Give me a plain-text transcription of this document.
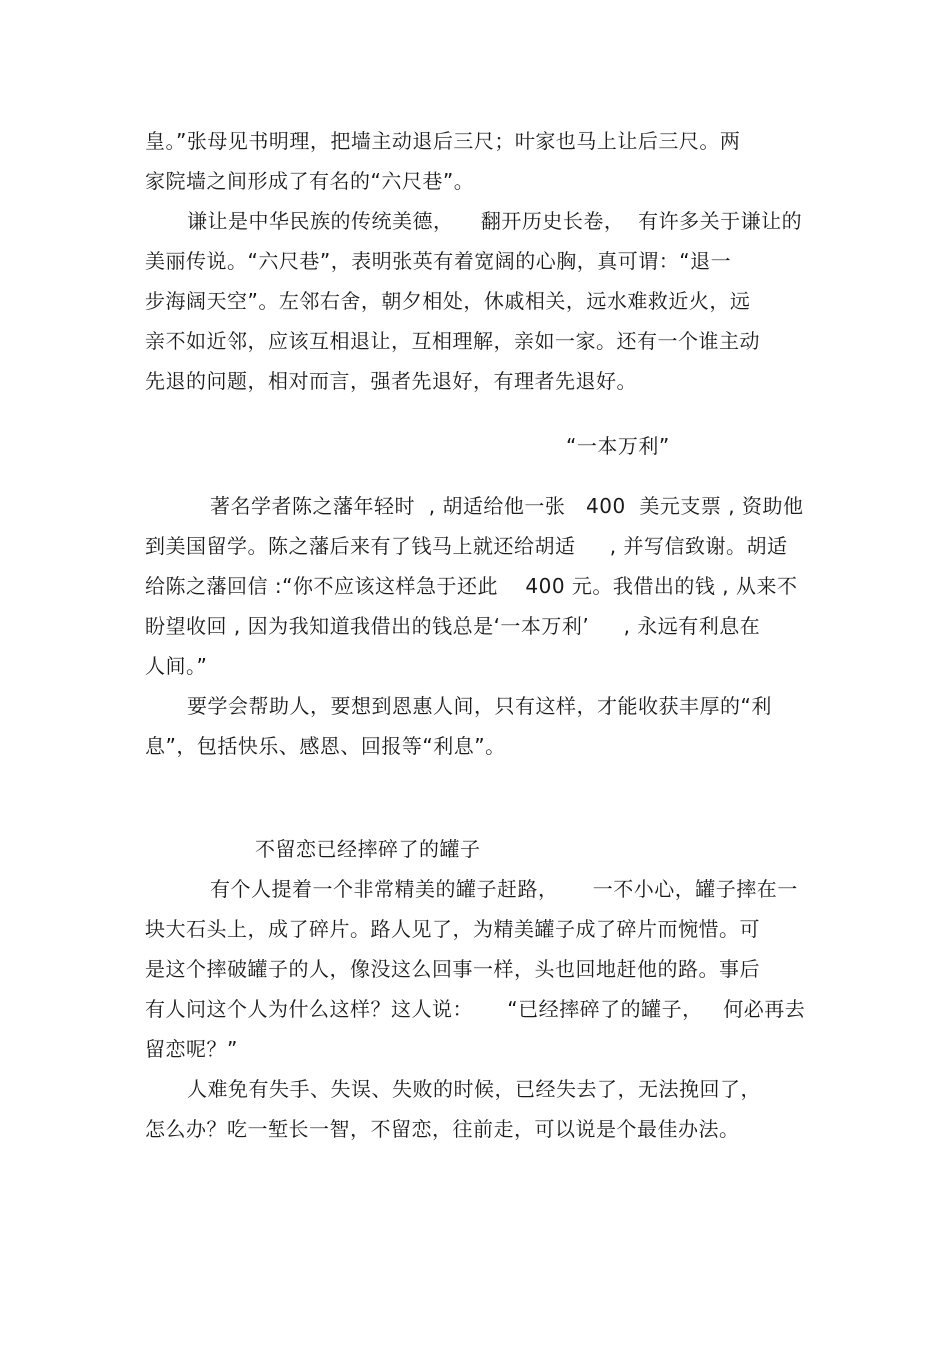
皇。”张母见书明理，把墙主动退后三尺；叶家也马上让后三尺。两
家院墙之间形成了有名的“六尺巷”。
谦让是中华民族的传统美德，    翻开历史长卷，  有许多关于谦让的
美丽传说。“六尺巷”，表明张英有着宽阔的心胸，真可谓：“退一
步海阔天空”。左邻右舍，朝夕相处，休戚相关，远水难救近火，远
亲不如近邻，应该互相退让，互相理解，亲如一家。还有一个谁主动
先退的问题，相对而言，强者先退好，有理者先退好。
“一本万利”
著名学者陈之藩年轻时  , 胡适给他一张   400  美元支票 , 资助他
到美国留学。陈之藩后来有了钱马上就还给胡适     , 并写信致谢。胡适
给陈之藩回信 :“你不应该这样急于还此    400 元。我借出的钱 , 从来不
盼望收回 , 因为我知道我借出的钱总是‘一本万利’     , 永远有利息在
人间。”
要学会帮助人，要想到恩惠人间，只有这样，才能收获丰厚的“利
息”，包括快乐、感恩、回报等“利息”。
不留恋已经摔碎了的罐子
有个人提着一个非常精美的罐子赶路，     一不小心，罐子摔在一
块大石头上，成了碎片。路人见了，为精美罐子成了碎片而惋惜。可
是这个摔破罐子的人，像没这么回事一样，头也回地赶他的路。事后
有人问这个人为什么这样？这人说：     “已经摔碎了的罐子，   何必再去
留恋呢？”
人难免有失手、失误、失败的时候，已经失去了，无法挽回了，
怎么办？吃一堑长一智，不留恋，往前走，可以说是个最佳办法。
